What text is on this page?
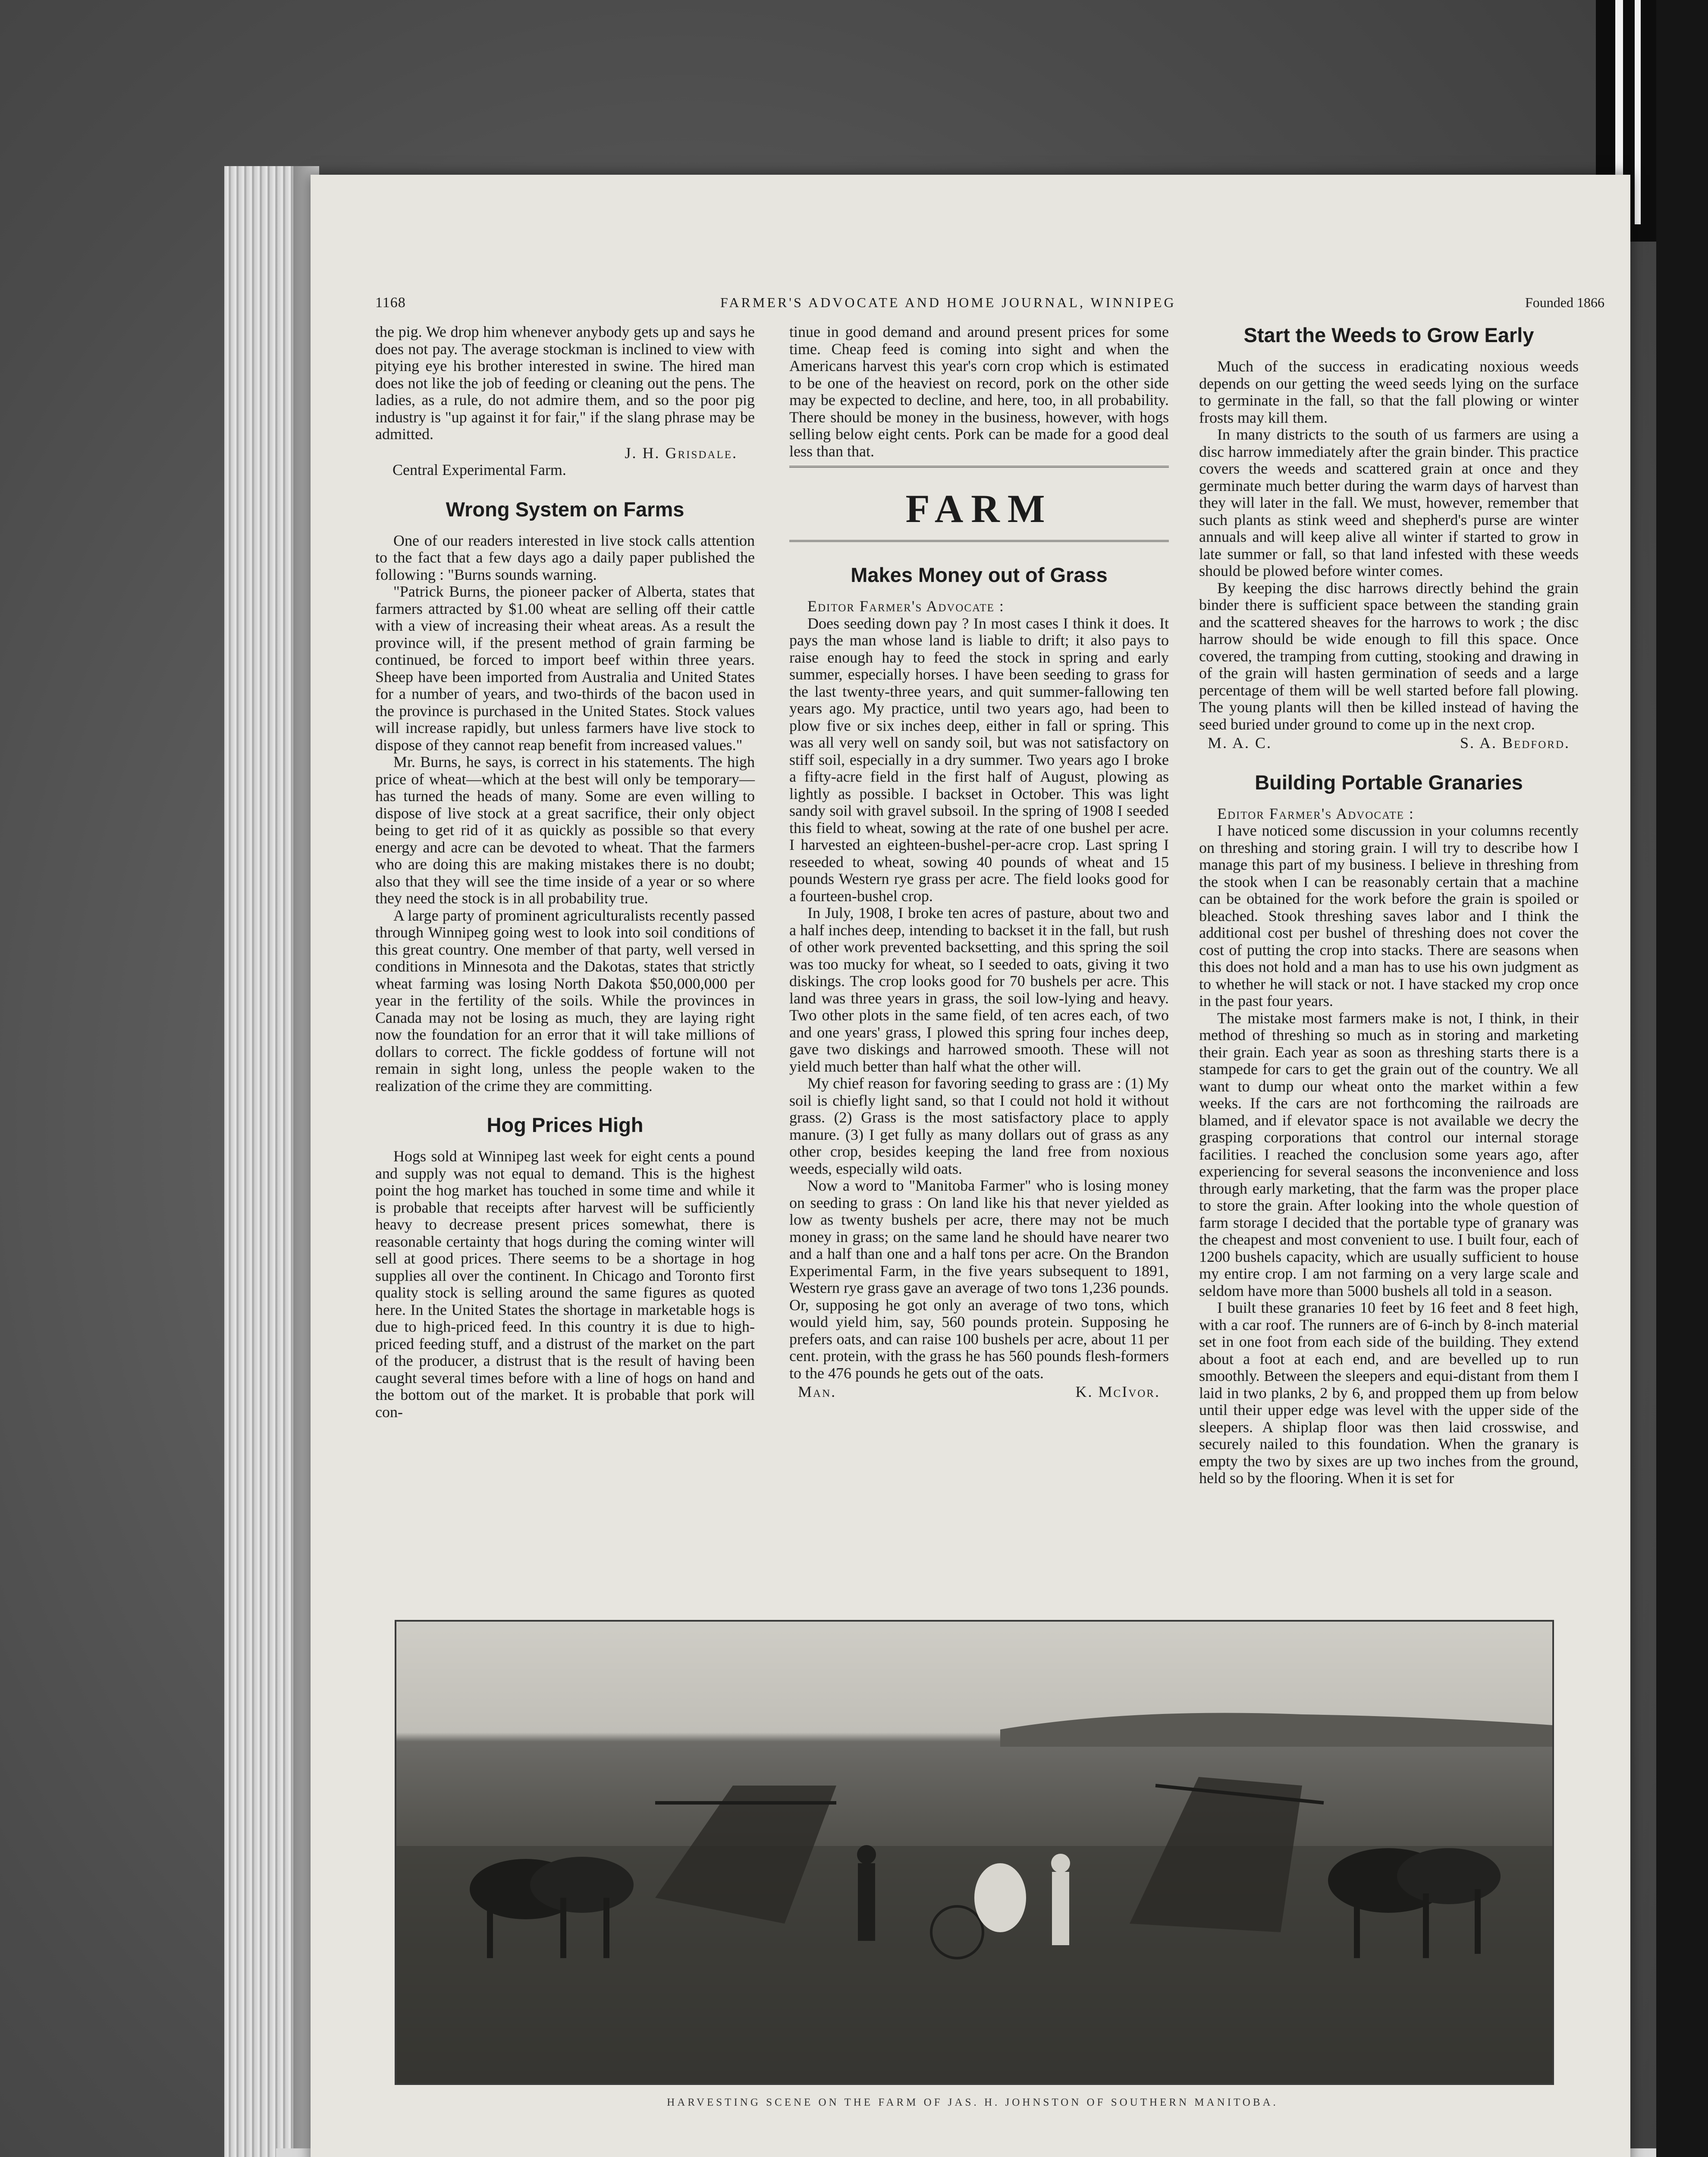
1168	FARMER'S ADVOCATE AND HOME JOURNAL, WINNIPEG	Founded 1866

the pig. We drop him whenever anybody gets up and says he does not pay. The average stockman is inclined to view with pitying eye his brother interested in swine. The hired man does not like the job of feeding or cleaning out the pens. The ladies, as a rule, do not admire them, and so the poor pig industry is "up against it for fair," if the slang phrase may be admitted.

J. H. Grisdale.
Central Experimental Farm.
Wrong System on Farms

One of our readers interested in live stock calls attention to the fact that a few days ago a daily paper published the following : "Burns sounds warning.

"Patrick Burns, the pioneer packer of Alberta, states that farmers attracted by $1.00 wheat are selling off their cattle with a view of increasing their wheat areas. As a result the province will, if the present method of grain farming be continued, be forced to import beef within three years. Sheep have been imported from Australia and United States for a number of years, and two-thirds of the bacon used in the province is purchased in the United States. Stock values will increase rapidly, but unless farmers have live stock to dispose of they cannot reap benefit from increased values."

Mr. Burns, he says, is correct in his statements. The high price of wheat—which at the best will only be temporary—has turned the heads of many. Some are even willing to dispose of live stock at a great sacrifice, their only object being to get rid of it as quickly as possible so that every energy and acre can be devoted to wheat. That the farmers who are doing this are making mistakes there is no doubt; also that they will see the time inside of a year or so where they need the stock is in all probability true.

A large party of prominent agriculturalists recently passed through Winnipeg going west to look into soil conditions of this great country. One member of that party, well versed in conditions in Minnesota and the Dakotas, states that strictly wheat farming was losing North Dakota $50,000,000 per year in the fertility of the soils. While the provinces in Canada may not be losing as much, they are laying right now the foundation for an error that it will take millions of dollars to correct. The fickle goddess of fortune will not remain in sight long, unless the people waken to the realization of the crime they are committing.

Hog Prices High

Hogs sold at Winnipeg last week for eight cents a pound and supply was not equal to demand. This is the highest point the hog market has touched in some time and while it is probable that receipts after harvest will be sufficiently heavy to decrease present prices somewhat, there is reasonable certainty that hogs during the coming winter will sell at good prices. There seems to be a shortage in hog supplies all over the continent. In Chicago and Toronto first quality stock is selling around the same figures as quoted here. In the United States the shortage in marketable hogs is due to high-priced feed. In this country it is due to high-priced feeding stuff, and a distrust of the market on the part of the producer, a distrust that is the result of having been caught several times before with a line of hogs on hand and the bottom out of the market. It is probable that pork will con-

tinue in good demand and around present prices for some time. Cheap feed is coming into sight and when the Americans harvest this year's corn crop which is estimated to be one of the heaviest on record, pork on the other side may be expected to decline, and here, too, in all probability. There should be money in the business, however, with hogs selling below eight cents. Pork can be made for a good deal less than that.

FARM
Makes Money out of Grass

Editor Farmer's Advocate :

Does seeding down pay ? In most cases I think it does. It pays the man whose land is liable to drift; it also pays to raise enough hay to feed the stock in spring and early summer, especially horses. I have been seeding to grass for the last twenty-three years, and quit summer-fallowing ten years ago. My practice, until two years ago, had been to plow five or six inches deep, either in fall or spring. This was all very well on sandy soil, but was not satisfactory on stiff soil, especially in a dry summer. Two years ago I broke a fifty-acre field in the first half of August, plowing as lightly as possible. I backset in October. This was light sandy soil with gravel subsoil. In the spring of 1908 I seeded this field to wheat, sowing at the rate of one bushel per acre. I harvested an eighteen-bushel-per-acre crop. Last spring I reseeded to wheat, sowing 40 pounds of wheat and 15 pounds Western rye grass per acre. The field looks good for a fourteen-bushel crop.

In July, 1908, I broke ten acres of pasture, about two and a half inches deep, intending to backset it in the fall, but rush of other work prevented backsetting, and this spring the soil was too mucky for wheat, so I seeded to oats, giving it two diskings. The crop looks good for 70 bushels per acre. This land was three years in grass, the soil low-lying and heavy. Two other plots in the same field, of ten acres each, of two and one years' grass, I plowed this spring four inches deep, gave two diskings and harrowed smooth. These will not yield much better than half what the other will.

My chief reason for favoring seeding to grass are : (1) My soil is chiefly light sand, so that I could not hold it without grass. (2) Grass is the most satisfactory place to apply manure. (3) I get fully as many dollars out of grass as any other crop, besides keeping the land free from noxious weeds, especially wild oats.

Now a word to "Manitoba Farmer" who is losing money on seeding to grass : On land like his that never yielded as low as twenty bushels per acre, there may not be much money in grass; on the same land he should have nearer two and a half than one and a half tons per acre. On the Brandon Experimental Farm, in the five years subsequent to 1891, Western rye grass gave an average of two tons 1,236 pounds. Or, supposing he got only an average of two tons, which would yield him, say, 560 pounds protein. Supposing he prefers oats, and can raise 100 bushels per acre, about 11 per cent. protein, with the grass he has 560 pounds flesh-formers to the 476 pounds he gets out of the oats.

Man.	K. McIvor.
Start the Weeds to Grow Early

Much of the success in eradicating noxious weeds depends on our getting the weed seeds lying on the surface to germinate in the fall, so that the fall plowing or winter frosts may kill them.

In many districts to the south of us farmers are using a disc harrow immediately after the grain binder. This practice covers the weeds and scattered grain at once and they germinate much better during the warm days of harvest than they will later in the fall. We must, however, remember that such plants as stink weed and shepherd's purse are winter annuals and will keep alive all winter if started to grow in late summer or fall, so that land infested with these weeds should be plowed before winter comes.

By keeping the disc harrows directly behind the grain binder there is sufficient space between the standing grain and the scattered sheaves for the harrows to work ; the disc harrow should be wide enough to fill this space. Once covered, the tramping from cutting, stooking and drawing in of the grain will hasten germination of seeds and a large percentage of them will be well started before fall plowing. The young plants will then be killed instead of having the seed buried under ground to come up in the next crop.

M. A. C.	S. A. Bedford.
Building Portable Granaries

Editor Farmer's Advocate :

I have noticed some discussion in your columns recently on threshing and storing grain. I will try to describe how I manage this part of my business. I believe in threshing from the stook when I can be reasonably certain that a machine can be obtained for the work before the grain is spoiled or bleached. Stook threshing saves labor and I think the additional cost per bushel of threshing does not cover the cost of putting the crop into stacks. There are seasons when this does not hold and a man has to use his own judgment as to whether he will stack or not. I have stacked my crop once in the past four years.

The mistake most farmers make is not, I think, in their method of threshing so much as in storing and marketing their grain. Each year as soon as threshing starts there is a stampede for cars to get the grain out of the country. We all want to dump our wheat onto the market within a few weeks. If the cars are not forthcoming the railroads are blamed, and if elevator space is not available we decry the grasping corporations that control our internal storage facilities. I reached the conclusion some years ago, after experiencing for several seasons the inconvenience and loss through early marketing, that the farm was the proper place to store the grain. After looking into the whole question of farm storage I decided that the portable type of granary was the cheapest and most convenient to use. I built four, each of 1200 bushels capacity, which are usually sufficient to house my entire crop. I am not farming on a very large scale and seldom have more than 5000 bushels all told in a season.

I built these granaries 10 feet by 16 feet and 8 feet high, with a car roof. The runners are of 6-inch by 8-inch material set in one foot from each side of the building. They extend about a foot at each end, and are bevelled up to run smoothly. Between the sleepers and equi-distant from them I laid in two planks, 2 by 6, and propped them up from below until their upper edge was level with the upper side of the sleepers. A shiplap floor was then laid crosswise, and securely nailed to this foundation. When the granary is empty the two by sixes are up two inches from the ground, held so by the flooring. When it is set for

HARVESTING SCENE ON THE FARM OF JAS. H. JOHNSTON OF SOUTHERN MANITOBA.
